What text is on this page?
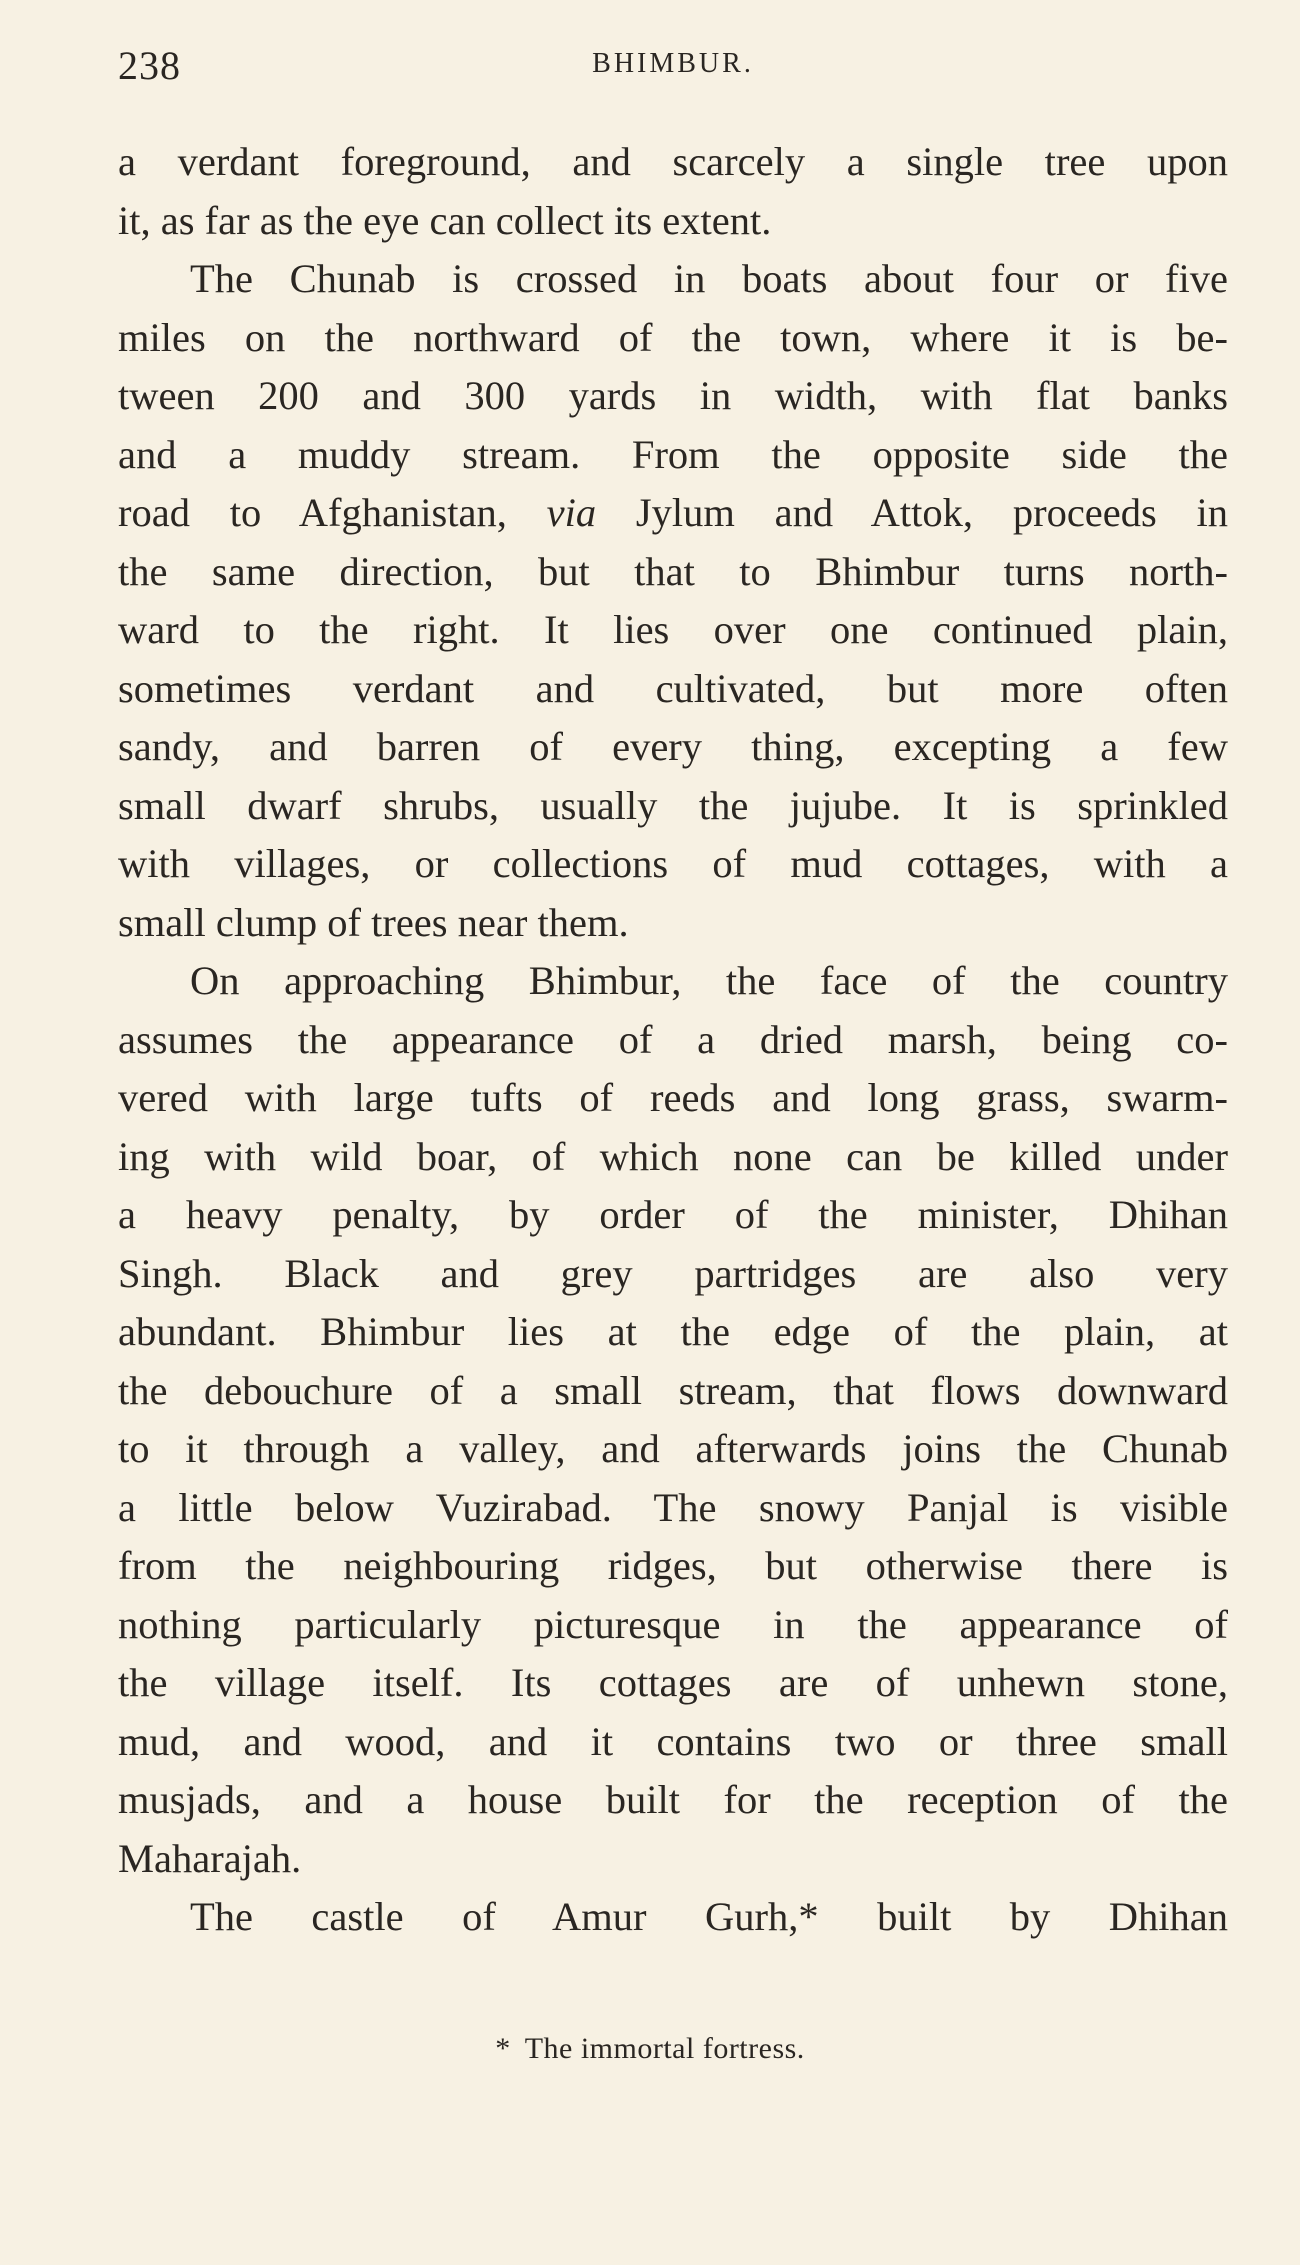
238	BHIMBUR.
a verdant foreground, and scarcely a single tree upon
it, as far as the eye can collect its extent.
The Chunab is crossed in boats about four or five
miles on the northward of the town, where it is be-
tween 200 and 300 yards in width, with flat banks
and a muddy stream. From the opposite side the
road to Afghanistan, via Jylum and Attok, proceeds in
the same direction, but that to Bhimbur turns north-
ward to the right. It lies over one continued plain,
sometimes verdant and cultivated, but more often
sandy, and barren of every thing, excepting a few
small dwarf shrubs, usually the jujube. It is sprinkled
with villages, or collections of mud cottages, with a
small clump of trees near them.
On approaching Bhimbur, the face of the country
assumes the appearance of a dried marsh, being co-
vered with large tufts of reeds and long grass, swarm-
ing with wild boar, of which none can be killed under
a heavy penalty, by order of the minister, Dhihan
Singh. Black and grey partridges are also very
abundant. Bhimbur lies at the edge of the plain, at
the debouchure of a small stream, that flows downward
to it through a valley, and afterwards joins the Chunab
a little below Vuzirabad. The snowy Panjal is visible
from the neighbouring ridges, but otherwise there is
nothing particularly picturesque in the appearance of
the village itself. Its cottages are of unhewn stone,
mud, and wood, and it contains two or three small
musjads, and a house built for the reception of the
Maharajah.
The castle of Amur Gurh,* built by Dhihan
* The immortal fortress.
